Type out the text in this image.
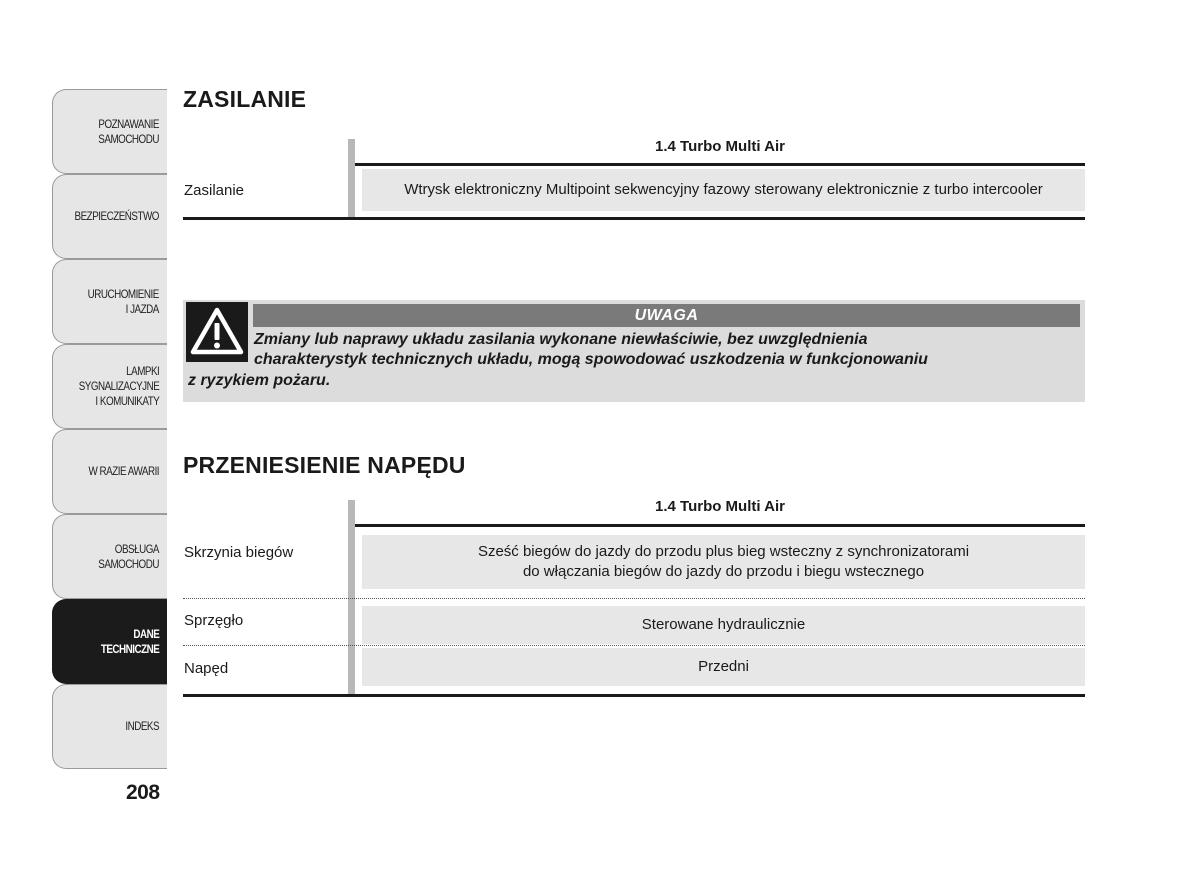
POZNAWANIE
SAMOCHODU
BEZPIECZEŃSTWO
URUCHOMIENIE
I JAZDA
LAMPKI
SYGNALIZACYJNE
I KOMUNIKATY
W RAZIE AWARII
OBSŁUGA
SAMOCHODU
DANE
TECHNICZNE
INDEKS
208
ZASILANIE
1.4 Turbo Multi Air
Zasilanie	Wtrysk elektroniczny Multipoint sekwencyjny fazowy sterowany elektronicznie z turbo intercooler
UWAGA
Zmiany lub naprawy układu zasilania wykonane niewłaściwie, bez uwzględnienia
charakterystyk technicznych układu, mogą spowodować uszkodzenia w funkcjonowaniu
z ryzykiem pożaru.
PRZENIESIENIE NAPĘDU
1.4 Turbo Multi Air
Skrzynia biegów	Sześć biegów do jazdy do przodu plus bieg wsteczny z synchronizatorami
do włączania biegów do jazdy do przodu i biegu wstecznego
Sprzęgło	Sterowane hydraulicznie
Napęd	Przedni
